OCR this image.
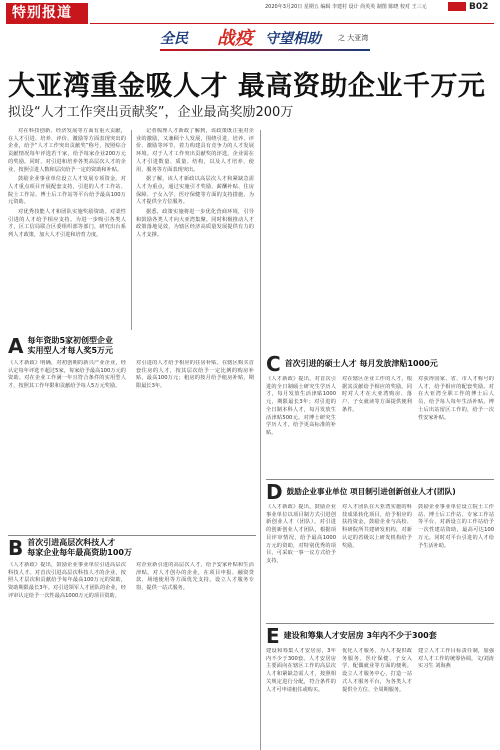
特别报道	2020年3月20日 星期五 编辑 李建村 设计 尚英英 制图 陈晓 校对 王三元	B02
全民 战疫 守望相助 之 大亚湾
大亚湾重金吸人才 最高资助企业千万元
拟设“人才工作突出贡献奖”，企业最高奖励200万

对在科技创新、经济发展等方面有重大贡献，在人才引进、培养、评价、激励等方面表现突出的企业，给予“人才工作突出贡献奖”称号，按照综合贡献情况每年评选若干家，给予每家企业200万元的奖励。同时，对引进和培养各类高层次人才的企业，按照引进人数和层次给予一定的资助和补贴。

鼓励企业事业单位设立人才发展专项资金。对人才重点项目开展配套支持，引进的人才工作站、院士工作站、博士后工作站等平台给予最高100万元资助。

对优秀技能人才和团队实施奖励资助。对柔性引进的人才给予相应支持。为进一步吸引各类人才，区工信局联合区委组织部等部门，研究出台系列人才政策，加大人才引进和培育力度。

记者梳理人才新政了解到，该政策既注重对企业的激励，又兼顾个人发展，围绕引进、培养、评价、激励等环节，着力构建具有竞争力的人才发展环境。对于人才工作突出贡献奖的评选，企业需在人才引进数量、质量、结构，以及人才培养、使用、服务等方面表现突出。

据了解，该人才新政以高层次人才和紧缺急需人才为重点，通过实施引才奖励、薪酬补贴、住房保障、子女入学、医疗保健等方面的支持措施，为人才提供全方位服务。

据悉，政策实施将进一步优化营商环境，引导和鼓励各类人才向大亚湾集聚。同时积极推动人才政策落地见效，为辖区经济高质量发展提供有力的人才支撑。

A 每年资助5家初创型企业
实用型人才每人奖5万元
《人才新政》明确，对初创期的新兴产业企业，经认定每年评选不超过5家，每家给予最高100万元的资助。对在企业工作满一年且符合条件的实用型人才，按照其工作年限和贡献给予每人5万元奖励。
对引进的人才给予相应的住房补贴。在辖区购买首套住房的人才，按其层次给予一定比例的购房补贴，最高100万元；租房的按月给予租房补贴，期限最长3年。
B 首次引进高层次科技人才
每家企业每年最高资助100万
《人才新政》提出，鼓励企业事业单位引进高层次科技人才。对首次引进高层次科技人才的企业，按照人才层次和贡献给予每年最高100万元的资助，资助期限最长3年。对引进领军人才团队的企业，经评审认定给予一次性最高1000万元的项目资助。
对企业新引进的高层次人才，给予安家补贴和生活津贴。对人才创办的企业，在项目申报、融资贷款、场地使用等方面优先支持。设立人才服务专窗，提供一站式服务。
C 首次引进的硕士人才 每月发放津贴1000元
《人才新政》提出，对首次引进的全日制硕士研究生学历人才，每月发放生活津贴1000元，期限最长3年；对引进的全日制本科人才，每月发放生活津贴500元。对博士研究生学历人才，给予更高标准的补贴。
对在辖区企业工作的人才，根据其贡献给予相应的奖励。同时对人才在大亚湾购房、落户、子女就读等方面提供便利条件。
对获得国家、省、市人才称号的人才，给予相应的配套奖励。对在大亚湾全职工作的博士后人员，给予每人每年生活补贴。博士后出站留区工作的，给予一次性安家补贴。
D 鼓励企业事业单位 项目制引进创新创业人才(团队)
《人才新政》提出，鼓励企业事业单位以项目制方式引进创新创业人才（团队）。对引进的创新创业人才团队，根据项目评审情况，给予最高1000万元的资助，对特别优秀的项目，可采取一事一议方式给予支持。
对人才团队在大亚湾实施的科技成果转化项目，给予相应的扶持资金。鼓励企业与高校、科研院所共建研发机构，对新认定的省级以上研发机构给予奖励。
鼓励企业事业单位设立院士工作站、博士后工作站、专家工作站等平台，对新设立的工作站给予一次性建站资助，最高可达100万元。同时对平台引进的人才给予生活补助。
E 建设和筹集人才安居房 3年内不少于300套
建设和筹集人才安居房，3年内不少于300套。人才安居房主要面向在辖区工作的高层次人才和紧缺急需人才，按照相关规定进行分配，符合条件的人才可申请租住或购买。
优化人才服务，为人才提供政务服务、医疗保健、子女入学、配偶就业等方面的便利。设立人才服务中心，打造一站式人才服务平台，为各类人才提供全方位、全周期服务。
建立人才工作目标责任制，加强对人才工作的统筹协调。文/刘涛 实习生 刘海燕
